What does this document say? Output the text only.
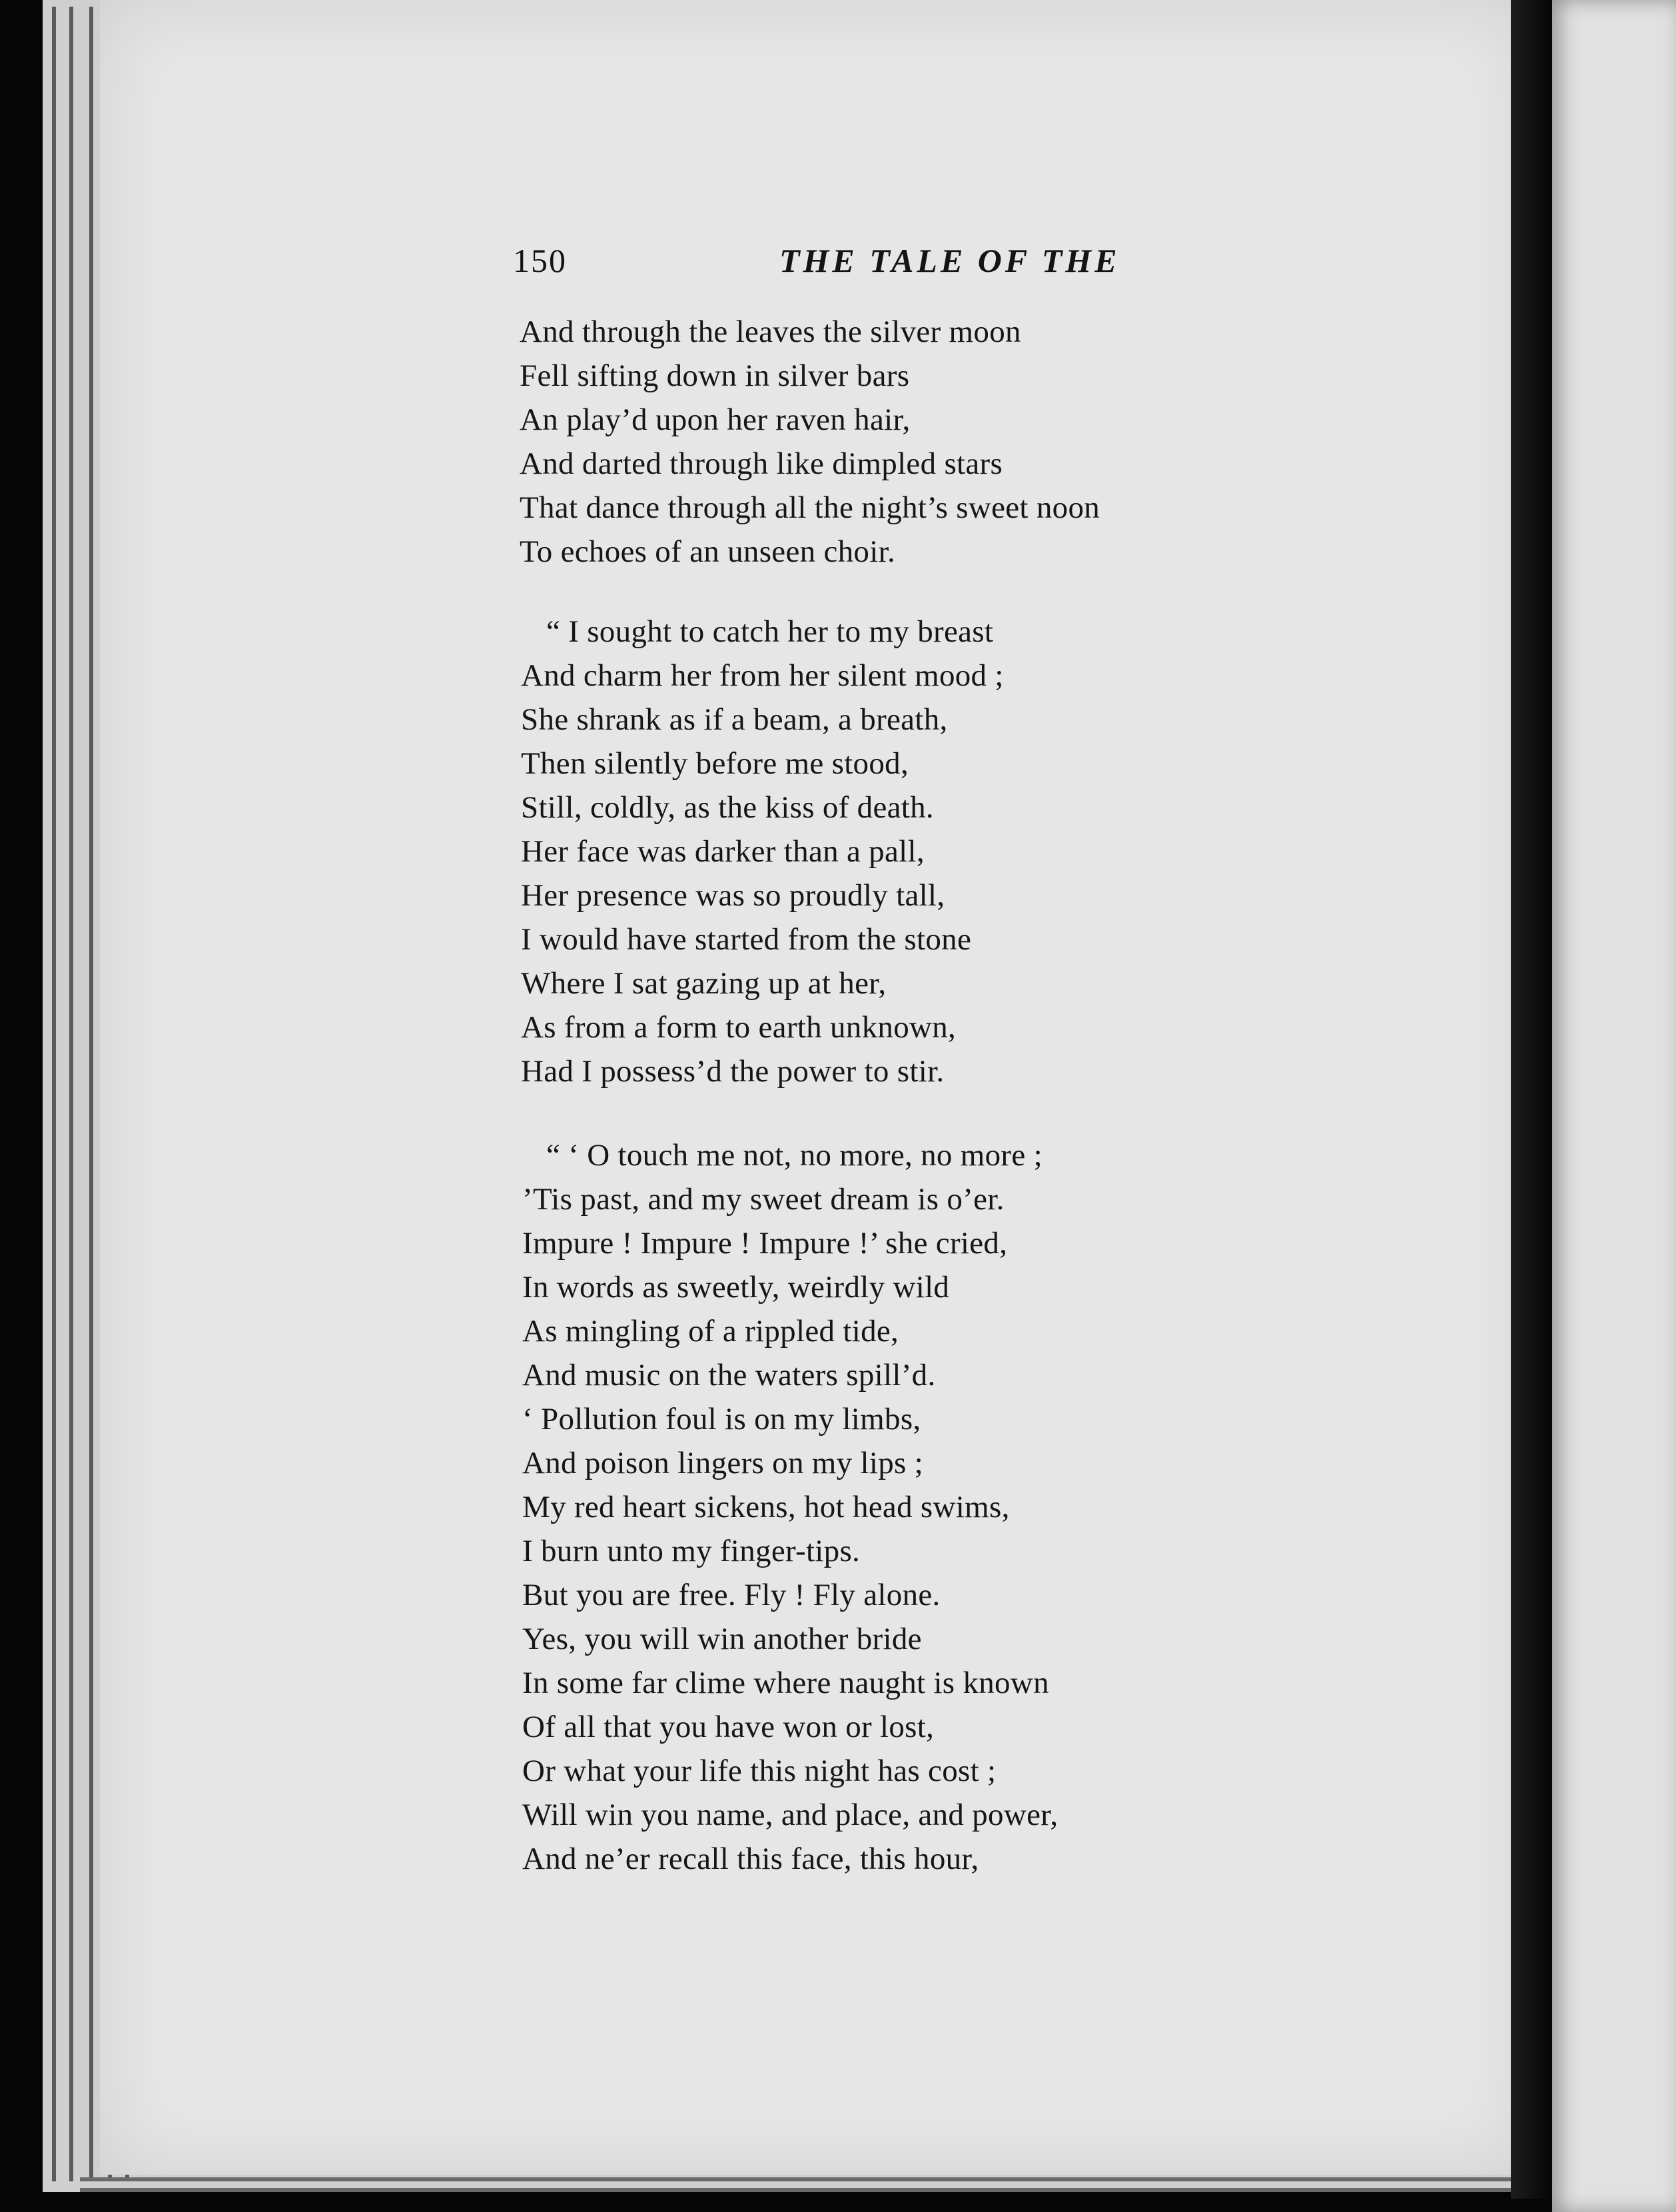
150	THE TALE OF THE
And through the leaves the silver moon
Fell sifting down in silver bars
An play’d upon her raven hair,
And darted through like dimpled stars
That dance through all the night’s sweet noon
To echoes of an unseen choir.
“ I sought to catch her to my breast
And charm her from her silent mood ;
She shrank as if a beam, a breath,
Then silently before me stood,
Still, coldly, as the kiss of death.
Her face was darker than a pall,
Her presence was so proudly tall,
I would have started from the stone
Where I sat gazing up at her,
As from a form to earth unknown,
Had I possess’d the power to stir.
“ ‘ O touch me not, no more, no more ;
’Tis past, and my sweet dream is o’er.
Impure ! Impure ! Impure !’ she cried,
In words as sweetly, weirdly wild
As mingling of a rippled tide,
And music on the waters spill’d.
‘ Pollution foul is on my limbs,
And poison lingers on my lips ;
My red heart sickens, hot head swims,
I burn unto my finger-tips.
But you are free. Fly ! Fly alone.
Yes, you will win another bride
In some far clime where naught is known
Of all that you have won or lost,
Or what your life this night has cost ;
Will win you name, and place, and power,
And ne’er recall this face, this hour,
